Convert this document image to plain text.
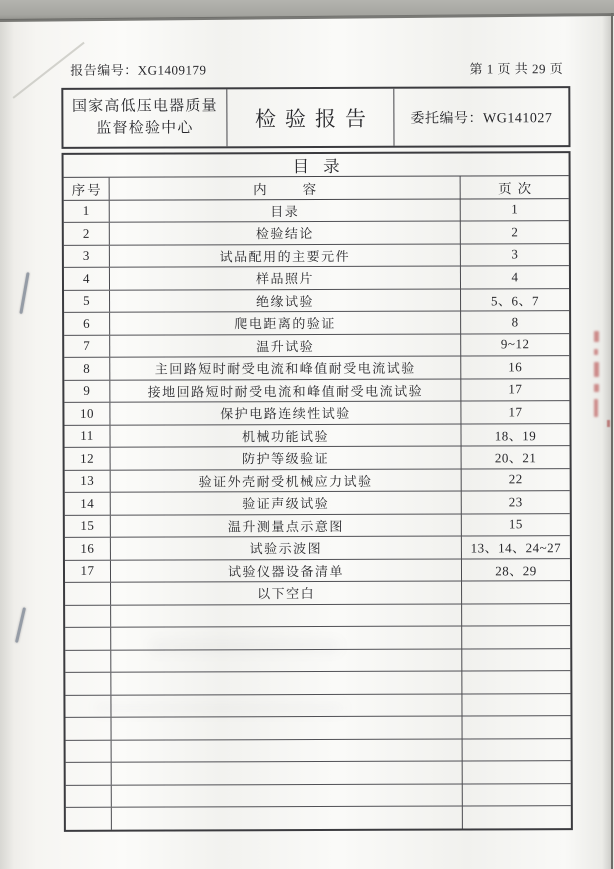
报告编号：XG1409179	第 1 页 共 29 页
国家高低压电器质量
监督检验中心	检验报告	委托编号：WG141027
目录
序号	内容	页次
1	目录	1
2	检验结论	2
3	试品配用的主要元件	3
4	样品照片	4
5	绝缘试验	5、6、7
6	爬电距离的验证	8
7	温升试验	9~12
8	主回路短时耐受电流和峰值耐受电流试验	16
9	接地回路短时耐受电流和峰值耐受电流试验	17
10	保护电路连续性试验	17
11	机械功能试验	18、19
12	防护等级验证	20、21
13	验证外壳耐受机械应力试验	22
14	验证声级试验	23
15	温升测量点示意图	15
16	试验示波图	13、14、24~27
17	试验仪器设备清单	28、29
以下空白
